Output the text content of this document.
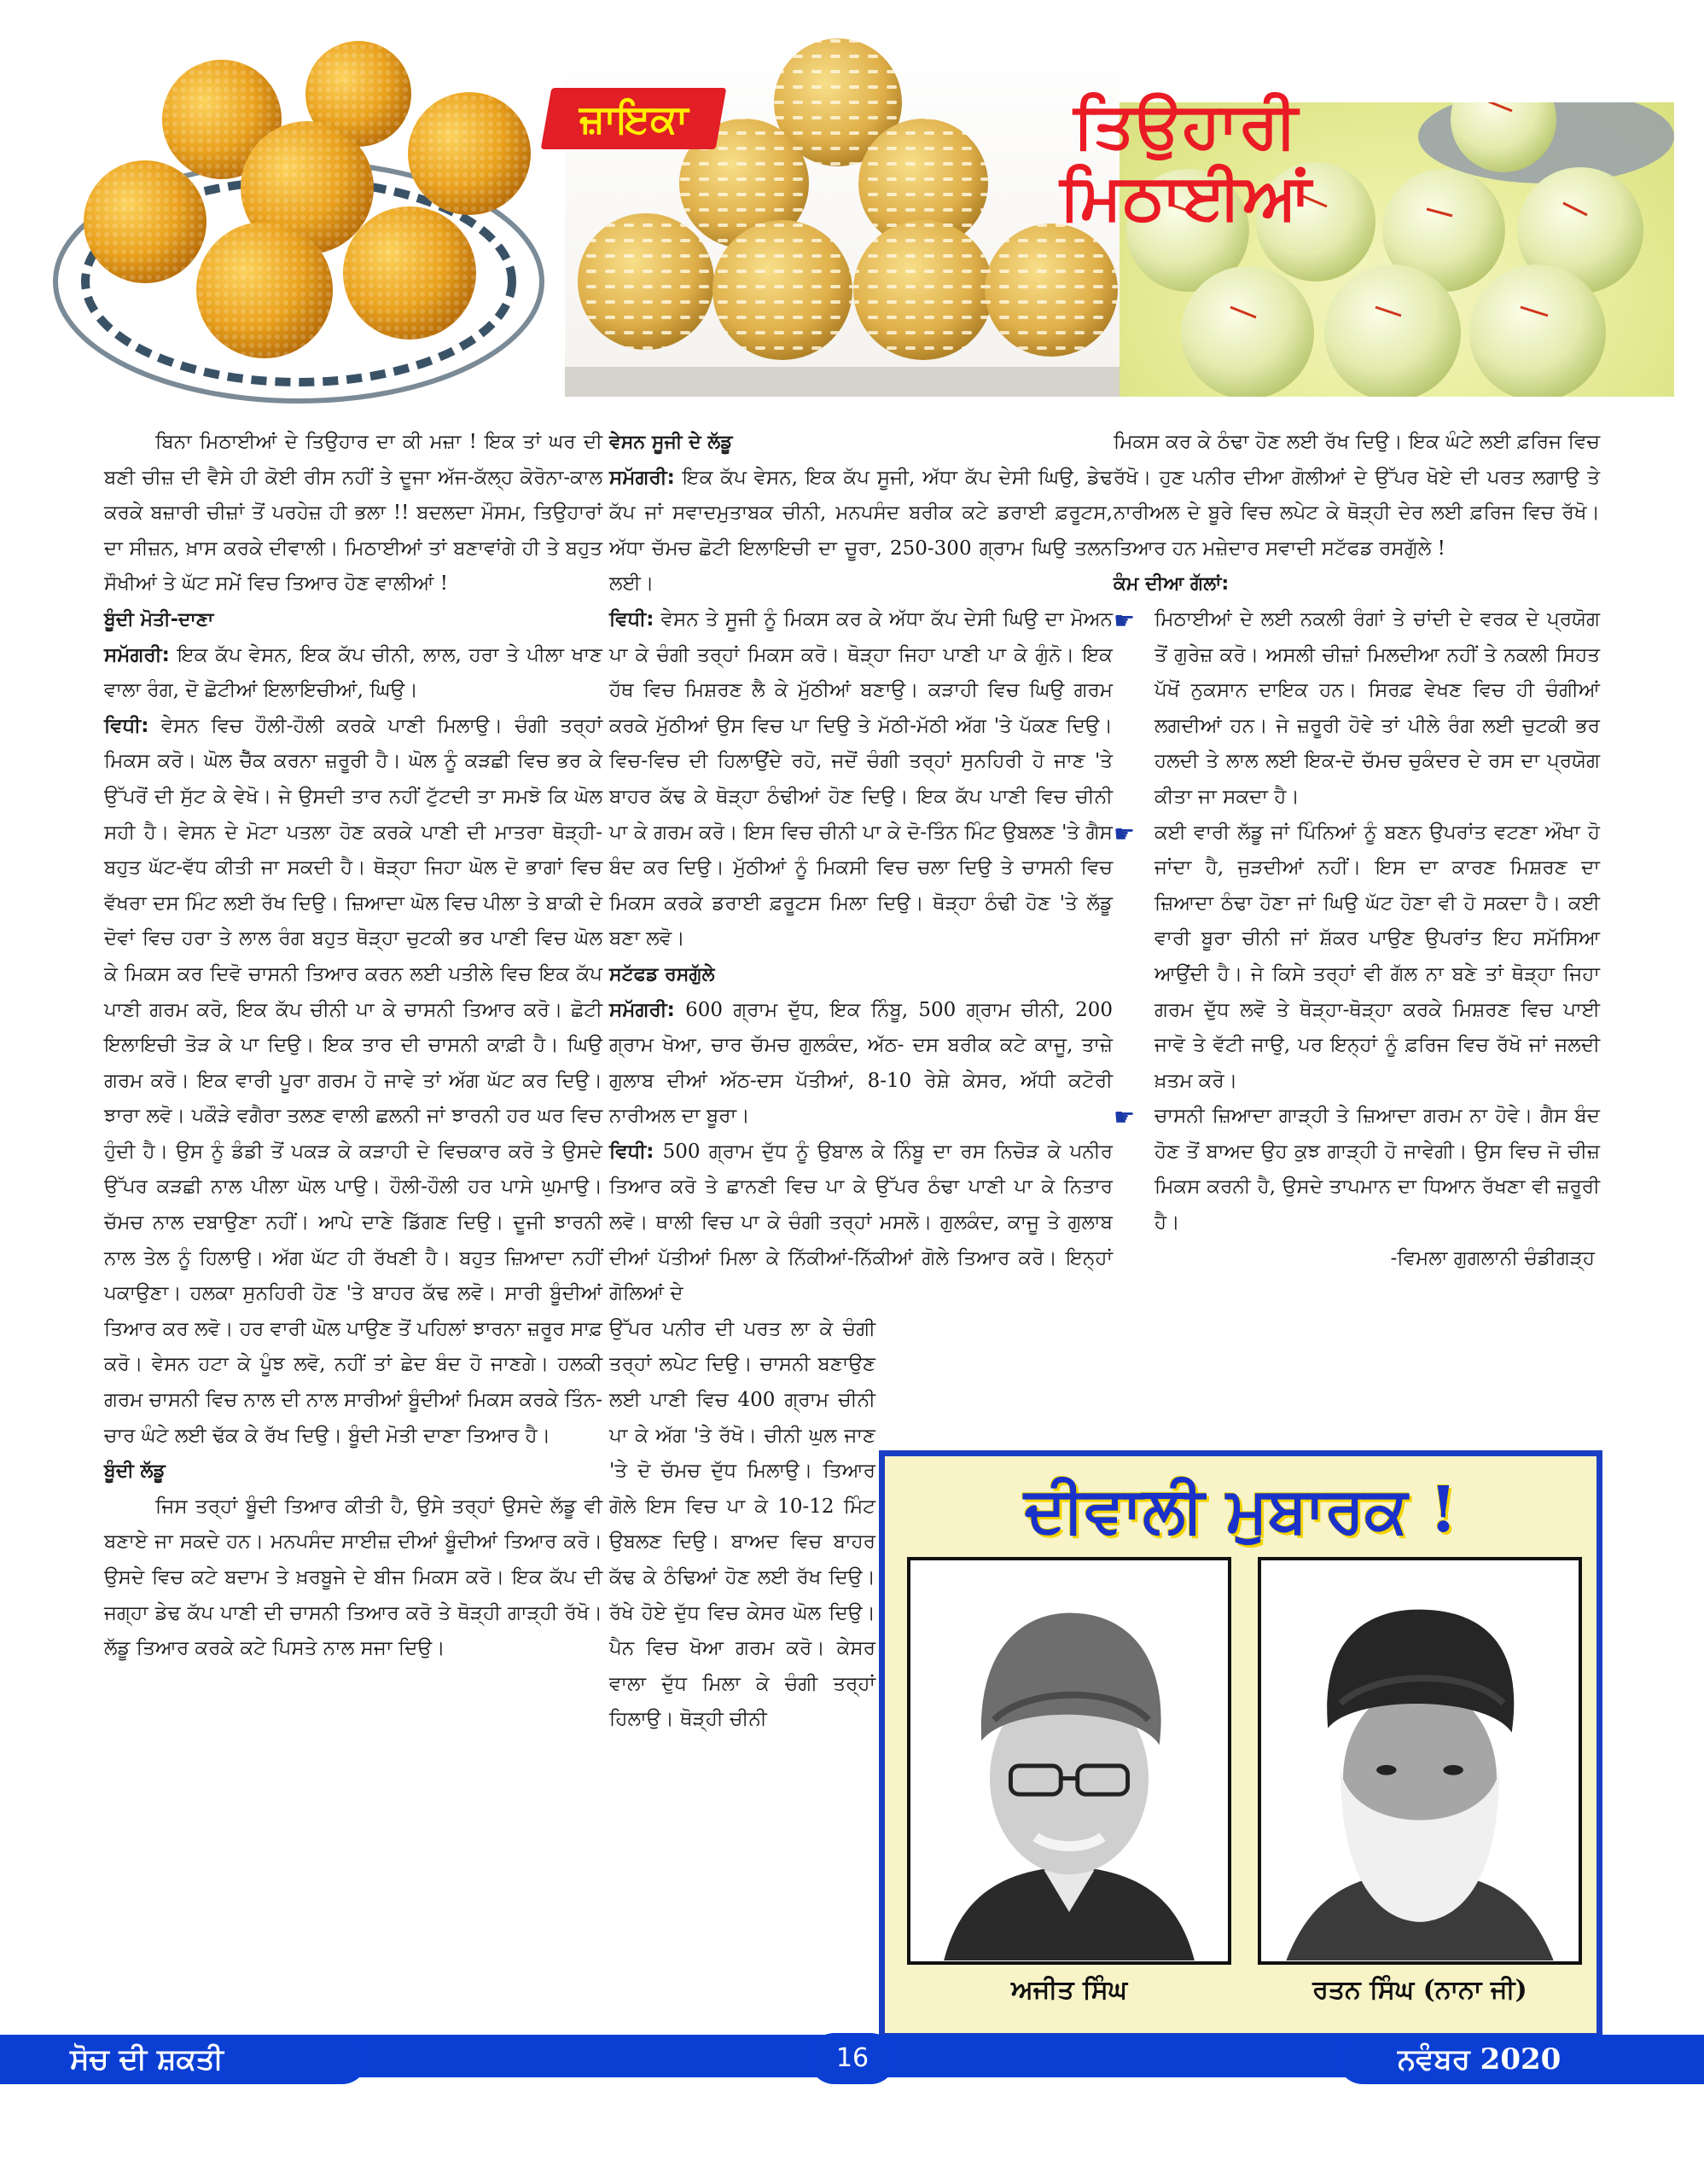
ਜ਼ਾਇਕਾ	ਤਿਉਹਾਰੀ
ਮਿਠਾਈਆਂ

ਬਿਨਾ ਮਿਠਾਈਆਂ ਦੇ ਤਿਉਹਾਰ ਦਾ ਕੀ ਮਜ਼ਾ ! ਇਕ ਤਾਂ ਘਰ ਦੀ ਬਣੀ ਚੀਜ਼ ਦੀ ਵੈਸੇ ਹੀ ਕੋਈ ਰੀਸ ਨਹੀਂ ਤੇ ਦੂਜਾ ਅੱਜ-ਕੱਲ੍ਹ ਕੋਰੋਨਾ-ਕਾਲ ਕਰਕੇ ਬਜ਼ਾਰੀ ਚੀਜ਼ਾਂ ਤੋਂ ਪਰਹੇਜ਼ ਹੀ ਭਲਾ !! ਬਦਲਦਾ ਮੌਸਮ, ਤਿਉਹਾਰਾਂ ਦਾ ਸੀਜ਼ਨ, ਖ਼ਾਸ ਕਰਕੇ ਦੀਵਾਲੀ। ਮਿਠਾਈਆਂ ਤਾਂ ਬਣਾਵਾਂਗੇ ਹੀ ਤੇ ਬਹੁਤ ਸੌਖੀਆਂ ਤੇ ਘੱਟ ਸਮੇਂ ਵਿਚ ਤਿਆਰ ਹੋਣ ਵਾਲੀਆਂ !

ਬੂੰਦੀ ਮੋਤੀ-ਦਾਣਾ

ਸਮੱਗਰੀ: ਇਕ ਕੱਪ ਵੇਸਨ, ਇਕ ਕੱਪ ਚੀਨੀ, ਲਾਲ, ਹਰਾ ਤੇ ਪੀਲਾ ਖਾਣ ਵਾਲਾ ਰੰਗ, ਦੋ ਛੋਟੀਆਂ ਇਲਾਇਚੀਆਂ, ਘਿਉ।

ਵਿਧੀ: ਵੇਸਨ ਵਿਚ ਹੌਲੀ-ਹੌਲੀ ਕਰਕੇ ਪਾਣੀ ਮਿਲਾਉ। ਚੰਗੀ ਤਰ੍ਹਾਂ ਮਿਕਸ ਕਰੋ। ਘੋਲ ਚੈੱਕ ਕਰਨਾ ਜ਼ਰੂਰੀ ਹੈ। ਘੋਲ ਨੂੰ ਕੜਛੀ ਵਿਚ ਭਰ ਕੇ ਉੱਪਰੋਂ ਦੀ ਸੁੱਟ ਕੇ ਵੇਖੋ। ਜੇ ਉਸਦੀ ਤਾਰ ਨਹੀਂ ਟੁੱਟਦੀ ਤਾ ਸਮਝੋ ਕਿ ਘੋਲ ਸਹੀ ਹੈ। ਵੇਸਨ ਦੇ ਮੋਟਾ ਪਤਲਾ ਹੋਣ ਕਰਕੇ ਪਾਣੀ ਦੀ ਮਾਤਰਾ ਥੋੜ੍ਹੀ-ਬਹੁਤ ਘੱਟ-ਵੱਧ ਕੀਤੀ ਜਾ ਸਕਦੀ ਹੈ। ਥੋੜ੍ਹਾ ਜਿਹਾ ਘੋਲ ਦੋ ਭਾਗਾਂ ਵਿਚ ਵੱਖਰਾ ਦਸ ਮਿੰਟ ਲਈ ਰੱਖ ਦਿਉ। ਜ਼ਿਆਦਾ ਘੋਲ ਵਿਚ ਪੀਲਾ ਤੇ ਬਾਕੀ ਦੇ ਦੋਵਾਂ ਵਿਚ ਹਰਾ ਤੇ ਲਾਲ ਰੰਗ ਬਹੁਤ ਥੋੜ੍ਹਾ ਚੁਟਕੀ ਭਰ ਪਾਣੀ ਵਿਚ ਘੋਲ ਕੇ ਮਿਕਸ ਕਰ ਦਿਵੋ ਚਾਸਨੀ ਤਿਆਰ ਕਰਨ ਲਈ ਪਤੀਲੇ ਵਿਚ ਇਕ ਕੱਪ ਪਾਣੀ ਗਰਮ ਕਰੋ, ਇਕ ਕੱਪ ਚੀਨੀ ਪਾ ਕੇ ਚਾਸਨੀ ਤਿਆਰ ਕਰੋ। ਛੋਟੀ ਇਲਾਇਚੀ ਤੋੜ ਕੇ ਪਾ ਦਿਉ। ਇਕ ਤਾਰ ਦੀ ਚਾਸਨੀ ਕਾਫ਼ੀ ਹੈ। ਘਿਉ ਗਰਮ ਕਰੋ। ਇਕ ਵਾਰੀ ਪੂਰਾ ਗਰਮ ਹੋ ਜਾਵੇ ਤਾਂ ਅੱਗ ਘੱਟ ਕਰ ਦਿਉ। ਝਾਰਾ ਲਵੋ। ਪਕੌੜੇ ਵਗੈਰਾ ਤਲਣ ਵਾਲੀ ਛਲਨੀ ਜਾਂ ਝਾਰਨੀ ਹਰ ਘਰ ਵਿਚ ਹੁੰਦੀ ਹੈ। ਉਸ ਨੂੰ ਡੰਡੀ ਤੋਂ ਪਕੜ ਕੇ ਕੜਾਹੀ ਦੇ ਵਿਚਕਾਰ ਕਰੋ ਤੇ ਉਸਦੇ ਉੱਪਰ ਕੜਛੀ ਨਾਲ ਪੀਲਾ ਘੋਲ ਪਾਉ। ਹੌਲੀ-ਹੌਲੀ ਹਰ ਪਾਸੇ ਘੁਮਾਉ। ਚੱਮਚ ਨਾਲ ਦਬਾਉਣਾ ਨਹੀਂ। ਆਪੇ ਦਾਣੇ ਡਿੱਗਣ ਦਿਉ। ਦੂਜੀ ਝਾਰਨੀ ਨਾਲ ਤੇਲ ਨੂੰ ਹਿਲਾਉ। ਅੱਗ ਘੱਟ ਹੀ ਰੱਖਣੀ ਹੈ। ਬਹੁਤ ਜ਼ਿਆਦਾ ਨਹੀਂ ਪਕਾਉਣਾ। ਹਲਕਾ ਸੁਨਹਿਰੀ ਹੋਣ 'ਤੇ ਬਾਹਰ ਕੱਢ ਲਵੋ। ਸਾਰੀ ਬੂੰਦੀਆਂ ਤਿਆਰ ਕਰ ਲਵੋ। ਹਰ ਵਾਰੀ ਘੋਲ ਪਾਉਣ ਤੋਂ ਪਹਿਲਾਂ ਝਾਰਨਾ ਜ਼ਰੂਰ ਸਾਫ਼ ਕਰੋ। ਵੇਸਨ ਹਟਾ ਕੇ ਪੂੰਝ ਲਵੋ, ਨਹੀਂ ਤਾਂ ਛੇਦ ਬੰਦ ਹੋ ਜਾਣਗੇ। ਹਲਕੀ ਗਰਮ ਚਾਸਨੀ ਵਿਚ ਨਾਲ ਦੀ ਨਾਲ ਸਾਰੀਆਂ ਬੂੰਦੀਆਂ ਮਿਕਸ ਕਰਕੇ ਤਿੰਨ-ਚਾਰ ਘੰਟੇ ਲਈ ਢੱਕ ਕੇ ਰੱਖ ਦਿਉ। ਬੂੰਦੀ ਮੋਤੀ ਦਾਣਾ ਤਿਆਰ ਹੈ।

ਬੂੰਦੀ ਲੱਡੂ

ਜਿਸ ਤਰ੍ਹਾਂ ਬੂੰਦੀ ਤਿਆਰ ਕੀਤੀ ਹੈ, ਉਸੇ ਤਰ੍ਹਾਂ ਉਸਦੇ ਲੱਡੂ ਵੀ ਬਣਾਏ ਜਾ ਸਕਦੇ ਹਨ। ਮਨਪਸੰਦ ਸਾਈਜ਼ ਦੀਆਂ ਬੂੰਦੀਆਂ ਤਿਆਰ ਕਰੋ। ਉਸਦੇ ਵਿਚ ਕਟੇ ਬਦਾਮ ਤੇ ਖ਼ਰਬੂਜੇ ਦੇ ਬੀਜ ਮਿਕਸ ਕਰੋ। ਇਕ ਕੱਪ ਦੀ ਜਗ੍ਹਾ ਡੇਢ ਕੱਪ ਪਾਣੀ ਦੀ ਚਾਸਨੀ ਤਿਆਰ ਕਰੋ ਤੇ ਥੋੜ੍ਹੀ ਗਾੜ੍ਹੀ ਰੱਖੋ। ਲੱਡੂ ਤਿਆਰ ਕਰਕੇ ਕਟੇ ਪਿਸਤੇ ਨਾਲ ਸਜਾ ਦਿਉ।

ਵੇਸਨ ਸੂਜੀ ਦੇ ਲੱਡੂ

ਸਮੱਗਰੀ: ਇਕ ਕੱਪ ਵੇਸਨ, ਇਕ ਕੱਪ ਸੂਜੀ, ਅੱਧਾ ਕੱਪ ਦੇਸੀ ਘਿਉ, ਡੇਢ ਕੱਪ ਜਾਂ ਸਵਾਦਮੁਤਾਬਕ ਚੀਨੀ, ਮਨਪਸੰਦ ਬਰੀਕ ਕਟੇ ਡਰਾਈ ਫ਼ਰੂਟਸ, ਅੱਧਾ ਚੱਮਚ ਛੋਟੀ ਇਲਾਇਚੀ ਦਾ ਚੂਰਾ, 250-300 ਗ੍ਰਾਮ ਘਿਉ ਤਲਨ ਲਈ।

ਵਿਧੀ: ਵੇਸਨ ਤੇ ਸੂਜੀ ਨੂੰ ਮਿਕਸ ਕਰ ਕੇ ਅੱਧਾ ਕੱਪ ਦੇਸੀ ਘਿਉ ਦਾ ਮੋਅਨ ਪਾ ਕੇ ਚੰਗੀ ਤਰ੍ਹਾਂ ਮਿਕਸ ਕਰੋ। ਥੋੜ੍ਹਾ ਜਿਹਾ ਪਾਣੀ ਪਾ ਕੇ ਗੁੰਨੋ। ਇਕ ਹੱਥ ਵਿਚ ਮਿਸ਼ਰਣ ਲੈ ਕੇ ਮੁੱਠੀਆਂ ਬਣਾਉ। ਕੜਾਹੀ ਵਿਚ ਘਿਉ ਗਰਮ ਕਰਕੇ ਮੁੱਠੀਆਂ ਉਸ ਵਿਚ ਪਾ ਦਿਉ ਤੇ ਮੱਠੀ-ਮੱਠੀ ਅੱਗ 'ਤੇ ਪੱਕਣ ਦਿਉ। ਵਿਚ-ਵਿਚ ਦੀ ਹਿਲਾਉਂਦੇ ਰਹੋ, ਜਦੋਂ ਚੰਗੀ ਤਰ੍ਹਾਂ ਸੁਨਹਿਰੀ ਹੋ ਜਾਣ 'ਤੇ ਬਾਹਰ ਕੱਢ ਕੇ ਥੋੜ੍ਹਾ ਠੰਢੀਆਂ ਹੋਣ ਦਿਉ। ਇਕ ਕੱਪ ਪਾਣੀ ਵਿਚ ਚੀਨੀ ਪਾ ਕੇ ਗਰਮ ਕਰੋ। ਇਸ ਵਿਚ ਚੀਨੀ ਪਾ ਕੇ ਦੋ-ਤਿੰਨ ਮਿੰਟ ਉਬਲਣ 'ਤੇ ਗੈਸ ਬੰਦ ਕਰ ਦਿਉ। ਮੁੱਠੀਆਂ ਨੂੰ ਮਿਕਸੀ ਵਿਚ ਚਲਾ ਦਿਉ ਤੇ ਚਾਸਨੀ ਵਿਚ ਮਿਕਸ ਕਰਕੇ ਡਰਾਈ ਫ਼ਰੂਟਸ ਮਿਲਾ ਦਿਉ। ਥੋੜ੍ਹਾ ਠੰਢੀ ਹੋਣ 'ਤੇ ਲੱਡੂ ਬਣਾ ਲਵੋ।

ਸਟੱਫਡ ਰਸਗੁੱਲੇ

ਸਮੱਗਰੀ: 600 ਗ੍ਰਾਮ ਦੁੱਧ, ਇਕ ਨਿੰਬੂ, 500 ਗ੍ਰਾਮ ਚੀਨੀ, 200 ਗ੍ਰਾਮ ਖੋਆ, ਚਾਰ ਚੱਮਚ ਗੁਲਕੰਦ, ਅੱਠ- ਦਸ ਬਰੀਕ ਕਟੇ ਕਾਜੂ, ਤਾਜ਼ੇ ਗੁਲਾਬ ਦੀਆਂ ਅੱਠ-ਦਸ ਪੱਤੀਆਂ, 8-10 ਰੇਸ਼ੇ ਕੇਸਰ, ਅੱਧੀ ਕਟੋਰੀ ਨਾਰੀਅਲ ਦਾ ਬੂਰਾ।

ਵਿਧੀ: 500 ਗ੍ਰਾਮ ਦੁੱਧ ਨੂੰ ਉਬਾਲ ਕੇ ਨਿੰਬੂ ਦਾ ਰਸ ਨਿਚੋੜ ਕੇ ਪਨੀਰ ਤਿਆਰ ਕਰੋ ਤੇ ਛਾਨਣੀ ਵਿਚ ਪਾ ਕੇ ਉੱਪਰ ਠੰਢਾ ਪਾਣੀ ਪਾ ਕੇ ਨਿਤਾਰ ਲਵੋ। ਥਾਲੀ ਵਿਚ ਪਾ ਕੇ ਚੰਗੀ ਤਰ੍ਹਾਂ ਮਸਲੋ। ਗੁਲਕੰਦ, ਕਾਜੂ ਤੇ ਗੁਲਾਬ ਦੀਆਂ ਪੱਤੀਆਂ ਮਿਲਾ ਕੇ ਨਿੱਕੀਆਂ-ਨਿੱਕੀਆਂ ਗੋਲੇ ਤਿਆਰ ਕਰੋ। ਇਨ੍ਹਾਂ ਗੋਲਿਆਂ ਦੇ

ਉੱਪਰ ਪਨੀਰ ਦੀ ਪਰਤ ਲਾ ਕੇ ਚੰਗੀ ਤਰ੍ਹਾਂ ਲਪੇਟ ਦਿਉ। ਚਾਸਨੀ ਬਣਾਉਣ ਲਈ ਪਾਣੀ ਵਿਚ 400 ਗ੍ਰਾਮ ਚੀਨੀ ਪਾ ਕੇ ਅੱਗ 'ਤੇ ਰੱਖੋ। ਚੀਨੀ ਘੁਲ ਜਾਣ 'ਤੇ ਦੋ ਚੱਮਚ ਦੁੱਧ ਮਿਲਾਉ। ਤਿਆਰ ਗੋਲੇ ਇਸ ਵਿਚ ਪਾ ਕੇ 10-12 ਮਿੰਟ ਉਬਲਣ ਦਿਉ। ਬਾਅਦ ਵਿਚ ਬਾਹਰ ਕੱਢ ਕੇ ਠੰਢਿਆਂ ਹੋਣ ਲਈ ਰੱਖ ਦਿਉ। ਰੱਖੇ ਹੋਏ ਦੁੱਧ ਵਿਚ ਕੇਸਰ ਘੋਲ ਦਿਉ। ਪੈਨ ਵਿਚ ਖੋਆ ਗਰਮ ਕਰੋ। ਕੇਸਰ ਵਾਲਾ ਦੁੱਧ ਮਿਲਾ ਕੇ ਚੰਗੀ ਤਰ੍ਹਾਂ ਹਿਲਾਉ। ਥੋੜ੍ਹੀ ਚੀਨੀ

ਮਿਕਸ ਕਰ ਕੇ ਠੰਢਾ ਹੋਣ ਲਈ ਰੱਖ ਦਿਉ। ਇਕ ਘੰਟੇ ਲਈ ਫ਼ਰਿਜ ਵਿਚ ਰੱਖੋ। ਹੁਣ ਪਨੀਰ ਦੀਆ ਗੋਲੀਆਂ ਦੇ ਉੱਪਰ ਖੋਏ ਦੀ ਪਰਤ ਲਗਾਉ ਤੇ ਨਾਰੀਅਲ ਦੇ ਬੂਰੇ ਵਿਚ ਲਪੇਟ ਕੇ ਥੋੜ੍ਹੀ ਦੇਰ ਲਈ ਫ਼ਰਿਜ ਵਿਚ ਰੱਖੋ। ਤਿਆਰ ਹਨ ਮਜ਼ੇਦਾਰ ਸਵਾਦੀ ਸਟੱਫਡ ਰਸਗੁੱਲੇ !

ਕੰਮ ਦੀਆ ਗੱਲਾਂ:

☛ ਮਿਠਾਈਆਂ ਦੇ ਲਈ ਨਕਲੀ ਰੰਗਾਂ ਤੇ ਚਾਂਦੀ ਦੇ ਵਰਕ ਦੇ ਪ੍ਰਯੋਗ ਤੋਂ ਗੁਰੇਜ਼ ਕਰੋ। ਅਸਲੀ ਚੀਜ਼ਾਂ ਮਿਲਦੀਆ ਨਹੀਂ ਤੇ ਨਕਲੀ ਸਿਹਤ ਪੱਖੋਂ ਨੁਕਸਾਨ ਦਾਇਕ ਹਨ। ਸਿਰਫ਼ ਵੇਖਣ ਵਿਚ ਹੀ ਚੰਗੀਆਂ ਲਗਦੀਆਂ ਹਨ। ਜੇ ਜ਼ਰੂਰੀ ਹੋਵੇ ਤਾਂ ਪੀਲੇ ਰੰਗ ਲਈ ਚੁਟਕੀ ਭਰ ਹਲਦੀ ਤੇ ਲਾਲ ਲਈ ਇਕ-ਦੋ ਚੱਮਚ ਚੁਕੰਦਰ ਦੇ ਰਸ ਦਾ ਪ੍ਰਯੋਗ ਕੀਤਾ ਜਾ ਸਕਦਾ ਹੈ।
☛ ਕਈ ਵਾਰੀ ਲੱਡੂ ਜਾਂ ਪਿੰਨਿਆਂ ਨੂੰ ਬਣਨ ਉਪਰਾਂਤ ਵਟਣਾ ਔਖਾ ਹੋ ਜਾਂਦਾ ਹੈ, ਜੁੜਦੀਆਂ ਨਹੀਂ। ਇਸ ਦਾ ਕਾਰਣ ਮਿਸ਼ਰਣ ਦਾ ਜ਼ਿਆਦਾ ਠੰਢਾ ਹੋਣਾ ਜਾਂ ਘਿਉ ਘੱਟ ਹੋਣਾ ਵੀ ਹੋ ਸਕਦਾ ਹੈ। ਕਈ ਵਾਰੀ ਬੂਰਾ ਚੀਨੀ ਜਾਂ ਸ਼ੱਕਰ ਪਾਉਣ ਉਪਰਾਂਤ ਇਹ ਸਮੱਸਿਆ ਆਉਂਦੀ ਹੈ। ਜੇ ਕਿਸੇ ਤਰ੍ਹਾਂ ਵੀ ਗੱਲ ਨਾ ਬਣੇ ਤਾਂ ਥੋੜ੍ਹਾ ਜਿਹਾ ਗਰਮ ਦੁੱਧ ਲਵੋ ਤੇ ਥੋੜ੍ਹਾ-ਥੋੜ੍ਹਾ ਕਰਕੇ ਮਿਸ਼ਰਣ ਵਿਚ ਪਾਈ ਜਾਵੋ ਤੇ ਵੱਟੀ ਜਾਉ, ਪਰ ਇਨ੍ਹਾਂ ਨੂੰ ਫ਼ਰਿਜ ਵਿਚ ਰੱਖੋ ਜਾਂ ਜਲਦੀ ਖ਼ਤਮ ਕਰੋ।
☛ ਚਾਸਨੀ ਜ਼ਿਆਦਾ ਗਾੜ੍ਹੀ ਤੇ ਜ਼ਿਆਦਾ ਗਰਮ ਨਾ ਹੋਵੇ। ਗੈਸ ਬੰਦ ਹੋਣ ਤੋਂ ਬਾਅਦ ਉਹ ਕੁਝ ਗਾੜ੍ਹੀ ਹੋ ਜਾਵੇਗੀ। ਉਸ ਵਿਚ ਜੋ ਚੀਜ਼ ਮਿਕਸ ਕਰਨੀ ਹੈ, ਉਸਦੇ ਤਾਪਮਾਨ ਦਾ ਧਿਆਨ ਰੱਖਣਾ ਵੀ ਜ਼ਰੂਰੀ ਹੈ।

-ਵਿਮਲਾ ਗੁਗਲਾਨੀ ਚੰਡੀਗੜ੍ਹ

ਦੀਵਾਲੀ ਮੁਬਾਰਕ !
ਅਜੀਤ ਸਿੰਘ	ਰਤਨ ਸਿੰਘ (ਨਾਨਾ ਜੀ)
ਸੋਚ ਦੀ ਸ਼ਕਤੀ	16	ਨਵੰਬਰ 2020
